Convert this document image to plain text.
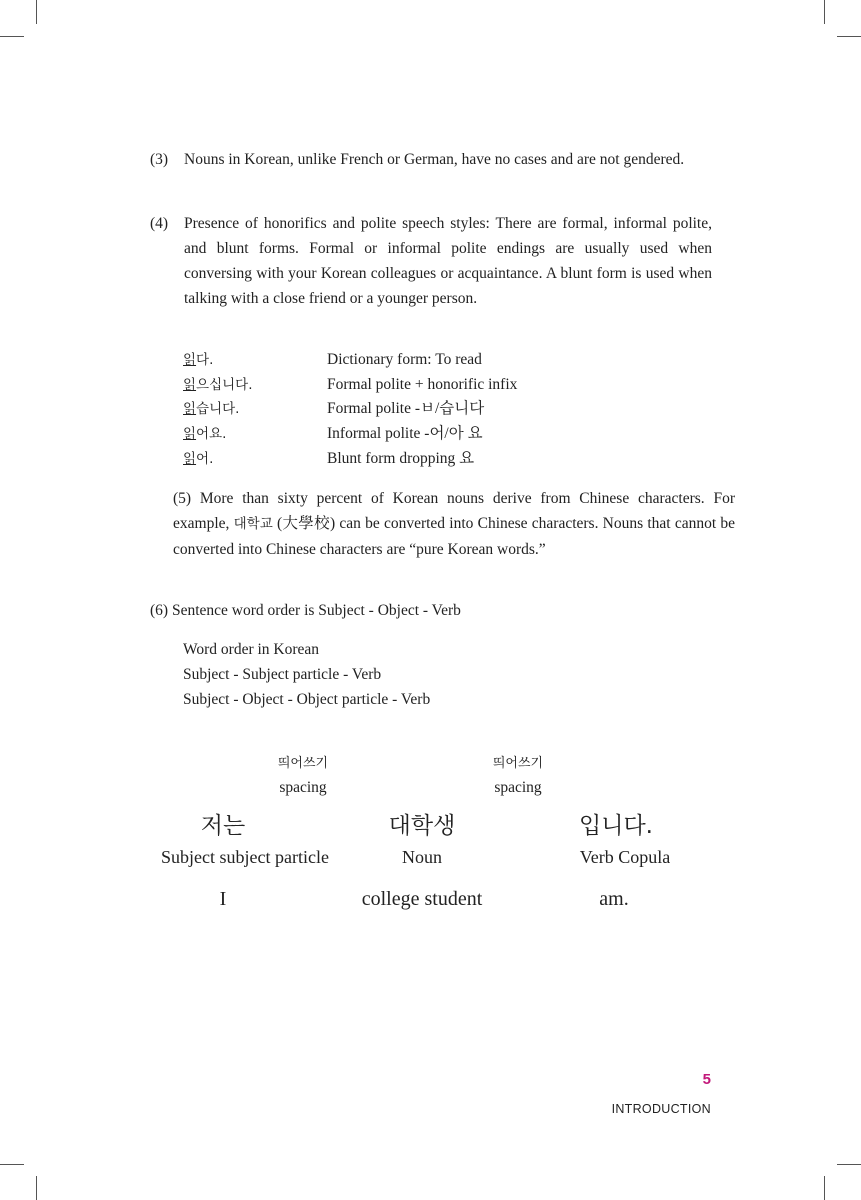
(3) Nouns in Korean, unlike French or German, have no cases and are not gendered.
(4) Presence of honorifics and polite speech styles: There are formal, informal polite, and blunt forms. Formal or informal polite endings are usually used when conversing with your Korean colleagues or acquaintance. A blunt form is used when talking with a close friend or a younger person.
읽다.	Dictionary form: To read
읽으십니다.	Formal polite + honorific infix
읽습니다.	Formal polite -ㅂ/습니다
읽어요.	Informal polite -어/아 요
읽어.	Blunt form dropping 요
(5) More than sixty percent of Korean nouns derive from Chinese characters. For example, 대학교 (大學校) can be converted into Chinese characters. Nouns that cannot be converted into Chinese characters are “pure Korean words.”
(6) Sentence word order is Subject - Object - Verb
Word order in Korean
Subject - Subject particle - Verb
Subject - Object - Object particle - Verb
띄어쓰기
spacing
띄어쓰기
spacing
저는	대학생	입니다.
Subject subject particle	Noun	Verb Copula
I	college student	am.
5
INTRODUCTION
